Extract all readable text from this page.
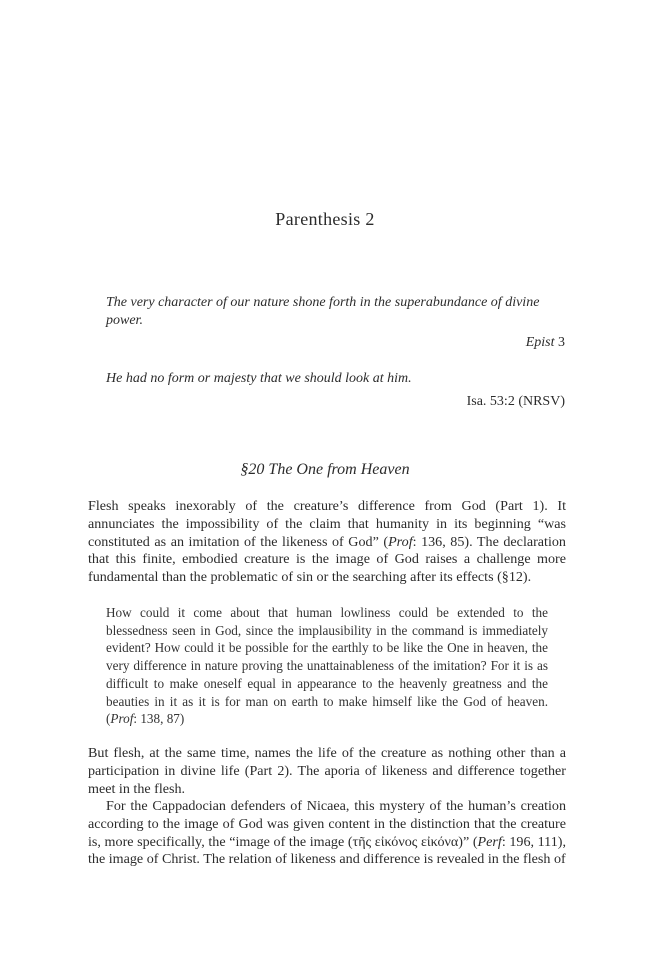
Parenthesis 2
The very character of our nature shone forth in the superabundance of divine power.
Epist 3
He had no form or majesty that we should look at him.
Isa. 53:2 (NRSV)
§20 The One from Heaven

Flesh speaks inexorably of the creature’s difference from God (Part 1). It annunciates the impossibility of the claim that humanity in its beginning “was constituted as an imitation of the likeness of God” (Prof: 136, 85). The declaration that this finite, embodied creature is the image of God raises a challenge more fundamental than the problematic of sin or the searching after its effects (§12).

How could it come about that human lowliness could be extended to the blessedness seen in God, since the implausibility in the command is immediately evident? How could it be possible for the earthly to be like the One in heaven, the very difference in nature proving the unattainableness of the imitation? For it is as difficult to make oneself equal in appearance to the heavenly greatness and the beauties in it as it is for man on earth to make himself like the God of heaven. (Prof: 138, 87)

But flesh, at the same time, names the life of the creature as nothing other than a participation in divine life (Part 2). The aporia of likeness and difference together meet in the flesh.

For the Cappadocian defenders of Nicaea, this mystery of the human’s creation according to the image of God was given content in the distinction that the creature is, more specifically, the “image of the image (τῆς εἰκόνος εἰκόνα)” (Perf: 196, 111), the image of Christ. The relation of likeness and difference is revealed in the flesh of
